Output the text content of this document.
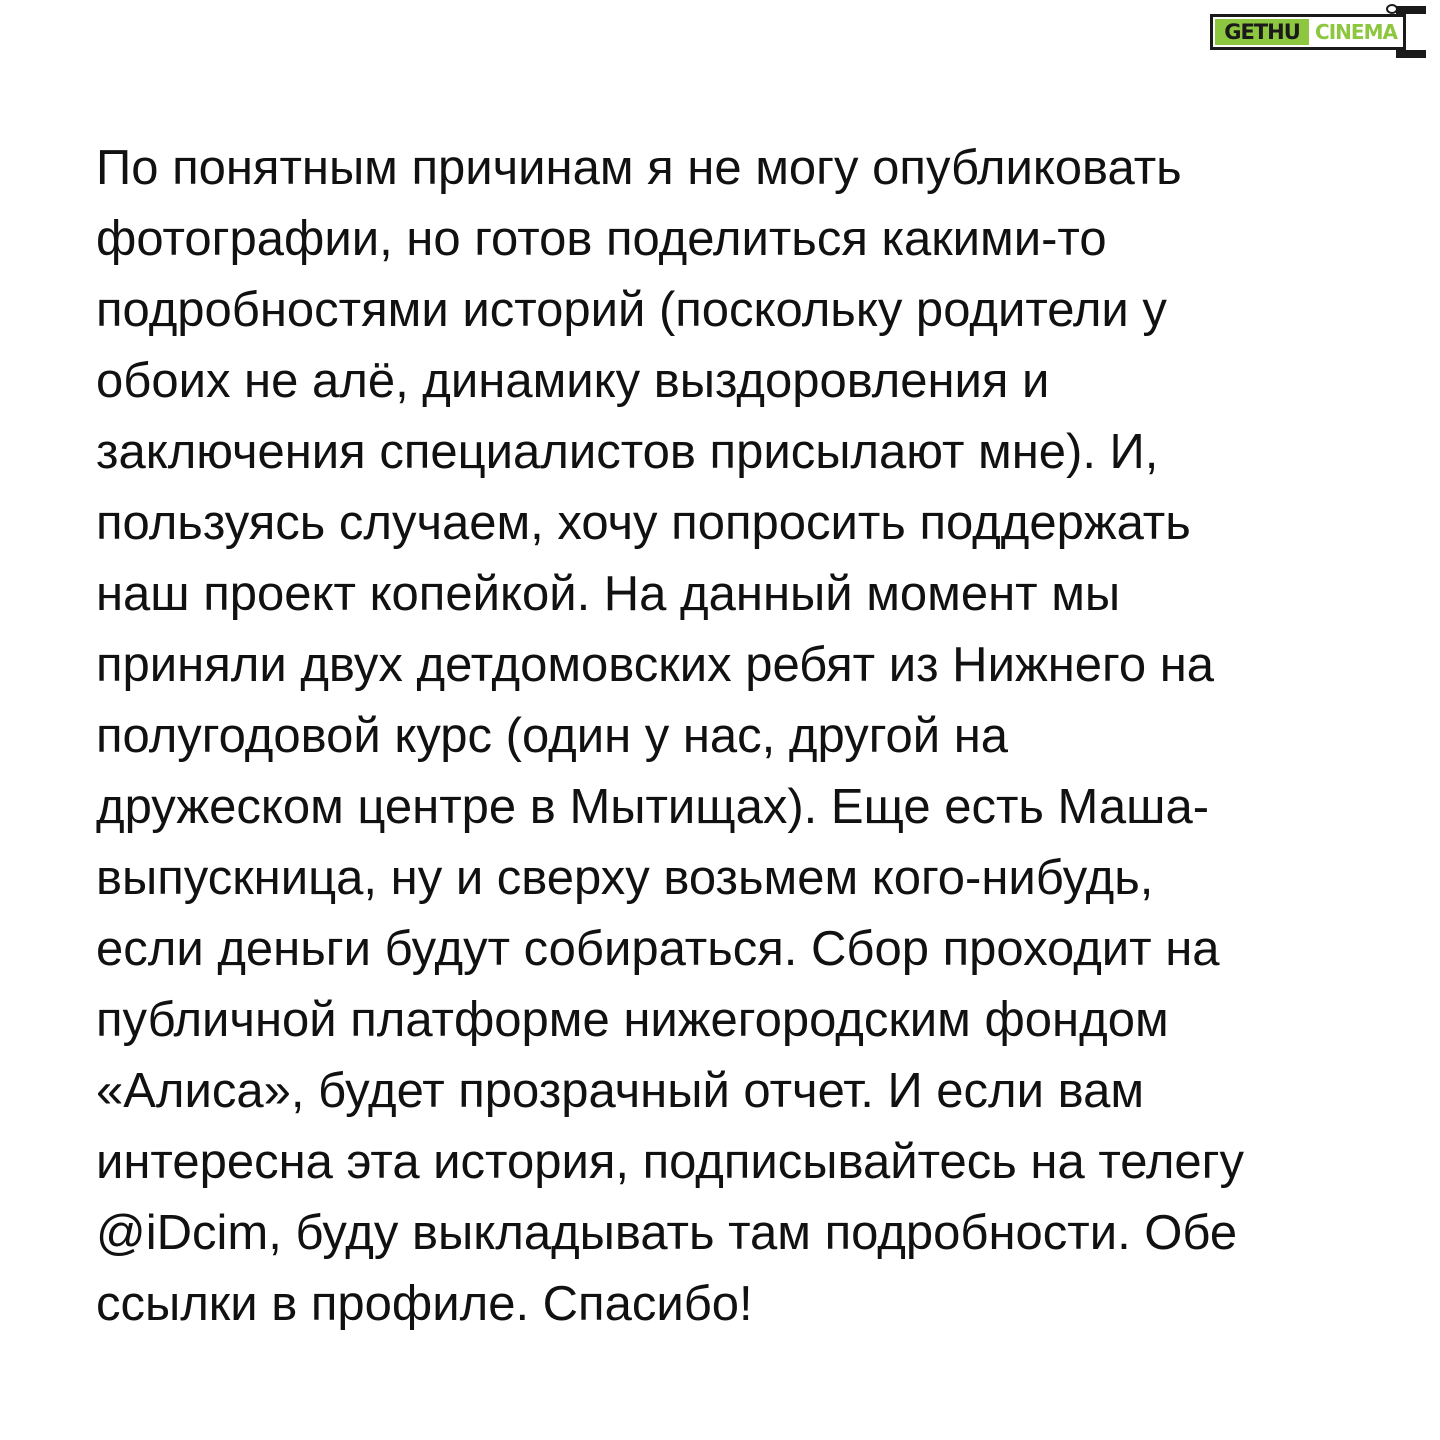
GETHU CINEMA

По понятным причинам я не могу опубликовать
фотографии, но готов поделиться какими-то
подробностями историй (поскольку родители у
обоих не алё, динамику выздоровления и
заключения специалистов присылают мне). И,
пользуясь случаем, хочу попросить поддержать
наш проект копейкой. На данный момент мы
приняли двух детдомовских ребят из Нижнего на
полугодовой курс (один у нас, другой на
дружеском центре в Мытищах). Еще есть Маша-
выпускница, ну и сверху возьмем кого-нибудь,
если деньги будут собираться. Сбор проходит на
публичной платформе нижегородским фондом
«Алиса», будет прозрачный отчет. И если вам
интересна эта история, подписывайтесь на телегу
@iDcim, буду выкладывать там подробности. Обе
ссылки в профиле. Спасибо!
